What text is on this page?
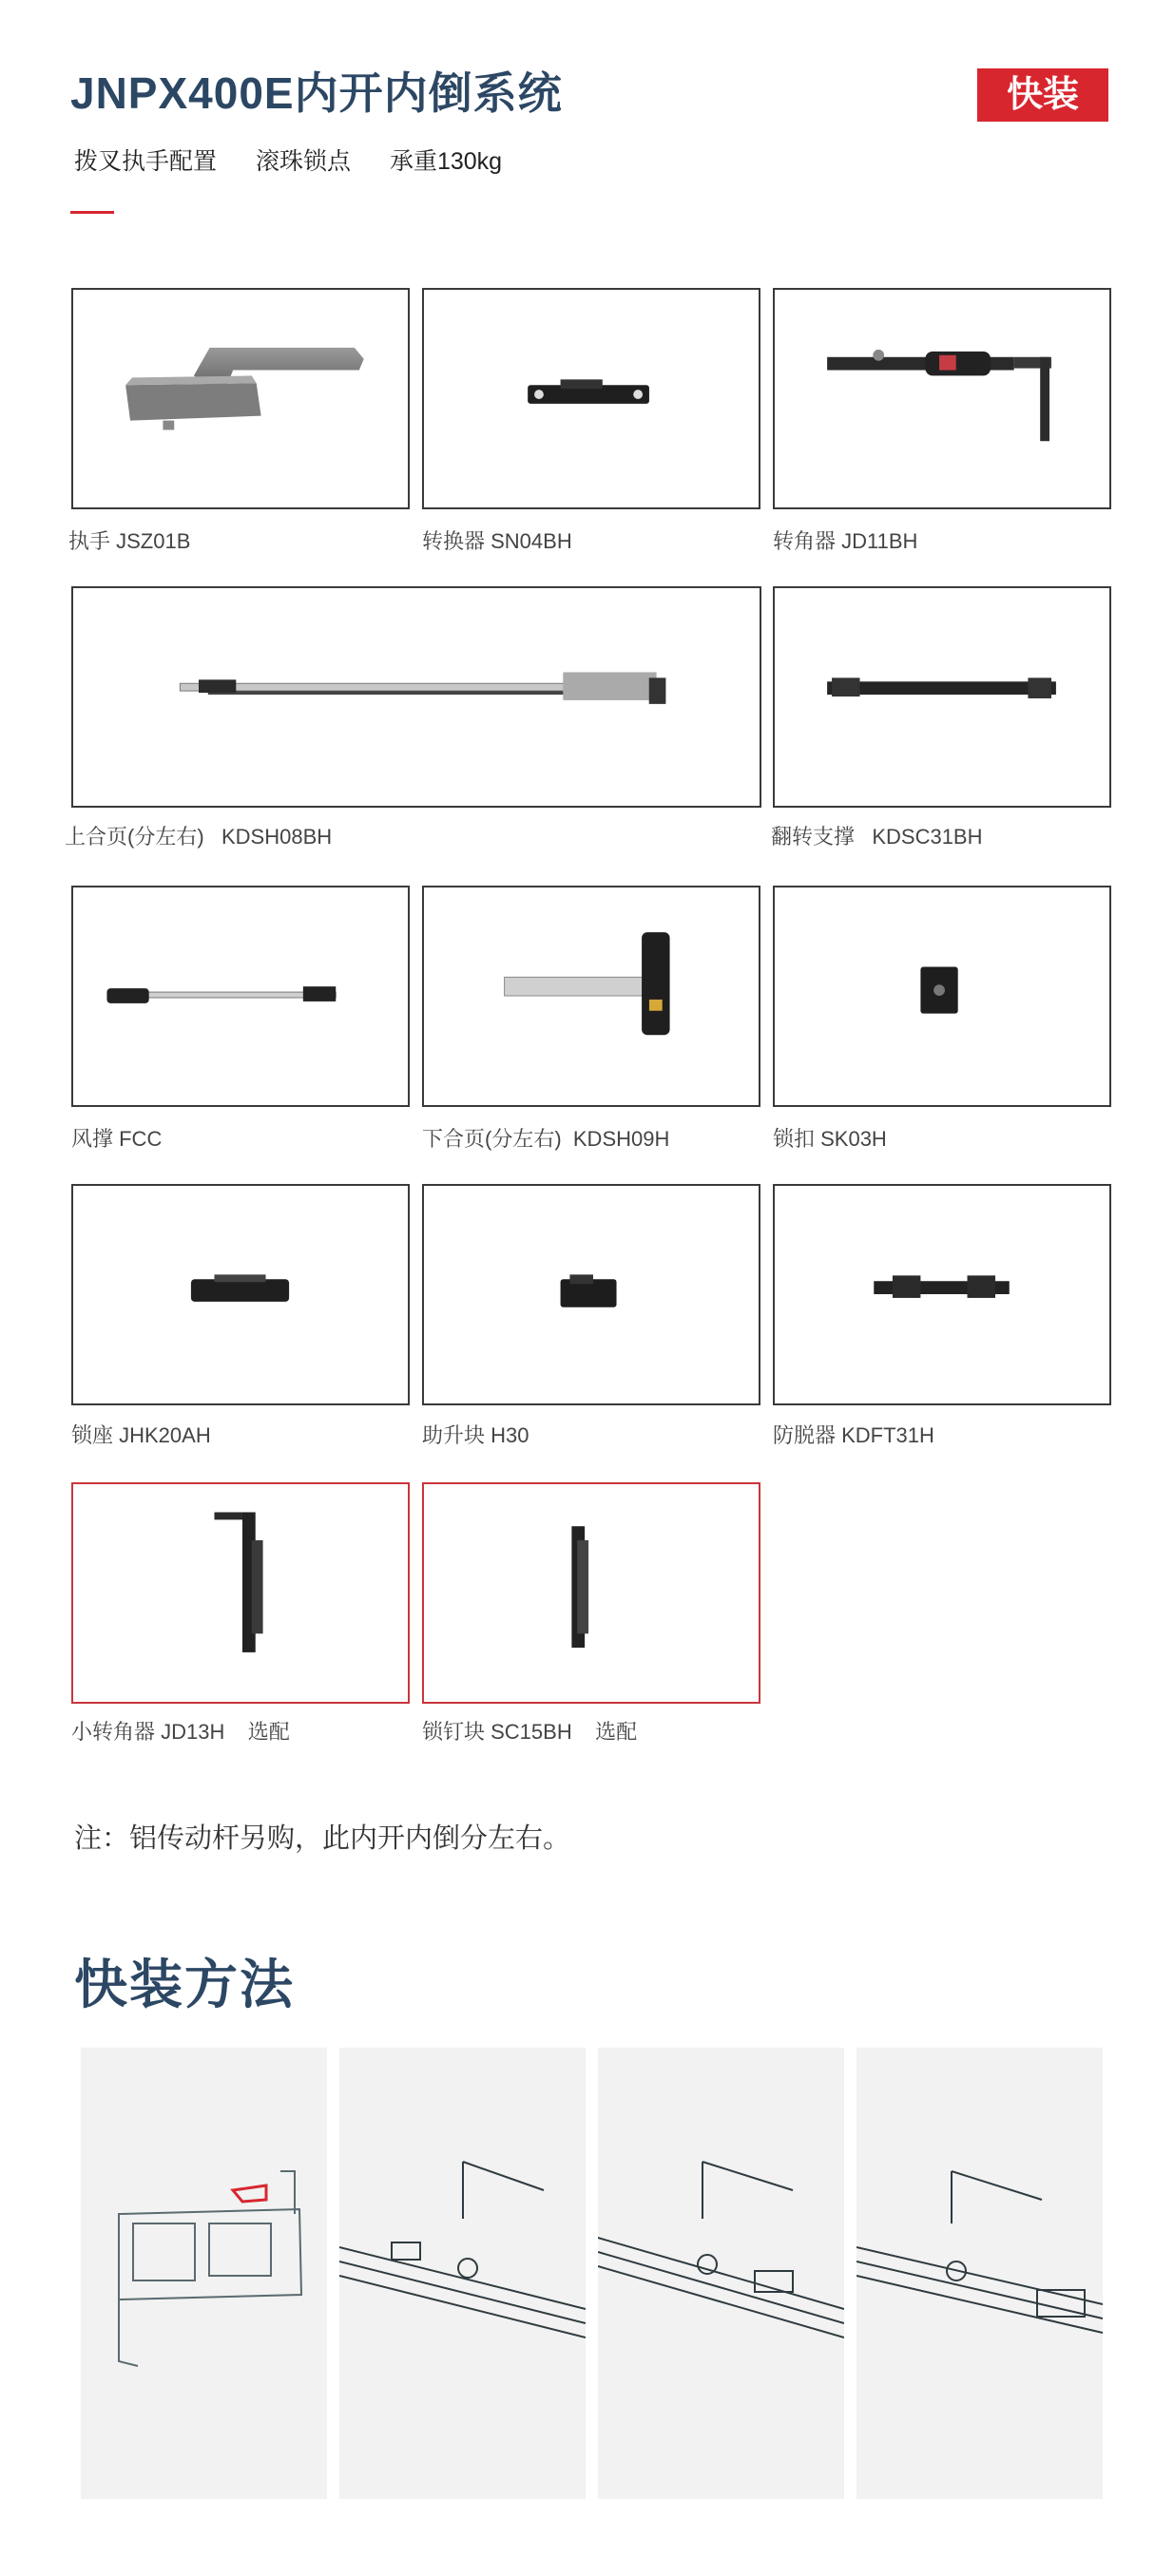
JNPX400E内开内倒系统	快装
拨叉执手配置 滚珠锁点 承重130kg
执手 JSZ01B	转换器 SN04BH	转角器 JD11BH
上合页(分左右)   KDSH08BH	翻转支撑   KDSC31BH
风撑 FCC	下合页(分左右)  KDSH09H	锁扣 SK03H
锁座 JHK20AH	助升块 H30	防脱器 KDFT31H
小转角器 JD13H    选配	锁钉块 SC15BH    选配
注：铝传动杆另购，此内开内倒分左右。
快装方法
